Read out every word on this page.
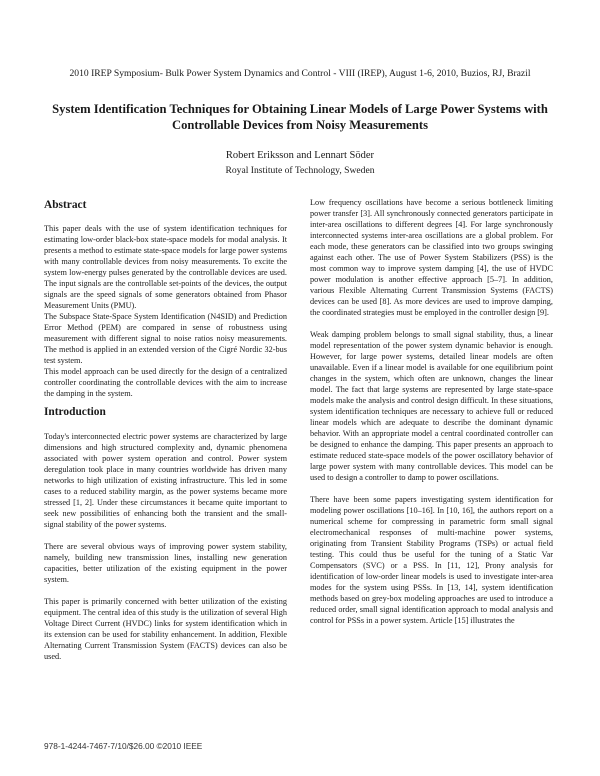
2010 IREP Symposium- Bulk Power System Dynamics and Control - VIII (IREP), August 1-6, 2010, Buzios, RJ, Brazil
System Identification Techniques for Obtaining Linear Models of Large Power Systems with Controllable Devices from Noisy Measurements
Robert Eriksson and Lennart Söder
Royal Institute of Technology, Sweden
Abstract

This paper deals with the use of system identification techniques for estimating low-order black-box state-space models for modal analysis. It presents a method to estimate state-space models for large power systems with many controllable devices from noisy measurements. To excite the system low-energy pulses generated by the controllable devices are used. The input signals are the controllable set-points of the devices, the output signals are the speed signals of some generators obtained from Phasor Measurement Units (PMU).

The Subspace State-Space System Identification (N4SID) and Prediction Error Method (PEM) are compared in sense of robustness using measurement with different signal to noise ratios noisy measurements. The method is applied in an extended version of the Cigré Nordic 32-bus test system.

This model approach can be used directly for the design of a centralized controller coordinating the controllable devices with the aim to increase the damping in the system.

Introduction

Today's interconnected electric power systems are characterized by large dimensions and high structured complexity and, dynamic phenomena associated with power system operation and control. Power system deregulation took place in many countries worldwide has driven many networks to high utilization of existing infrastructure. This led in some cases to a reduced stability margin, as the power systems became more stressed [1, 2]. Under these circumstances it became quite important to seek new possibilities of enhancing both the transient and the small-signal stability of the power systems.

There are several obvious ways of improving power system stability, namely, building new transmission lines, installing new generation capacities, better utilization of the existing equipment in the power system.

This paper is primarily concerned with better utilization of the existing equipment. The central idea of this study is the utilization of several High Voltage Direct Current (HVDC) links for system identification which in its extension can be used for stability enhancement. In addition, Flexible Alternating Current Transmission System (FACTS) devices can also be used.

Low frequency oscillations have become a serious bottleneck limiting power transfer [3]. All synchronously connected generators participate in inter-area oscillations to different degrees [4]. For large synchronously interconnected systems inter-area oscillations are a global problem. For each mode, these generators can be classified into two groups swinging against each other. The use of Power System Stabilizers (PSS) is the most common way to improve system damping [4], the use of HVDC power modulation is another effective approach [5–7]. In addition, various Flexible Alternating Current Transmission Systems (FACTS) devices can be used [8]. As more devices are used to improve damping, the coordinated strategies must be employed in the controller design [9].

Weak damping problem belongs to small signal stability, thus, a linear model representation of the power system dynamic behavior is enough. However, for large power systems, detailed linear models are often unavailable. Even if a linear model is available for one equilibrium point changes in the system, which often are unknown, changes the linear model. The fact that large systems are represented by large state-space models make the analysis and control design difficult. In these situations, system identification techniques are necessary to achieve full or reduced linear models which are adequate to describe the dominant dynamic behavior. With an appropriate model a central coordinated controller can be designed to enhance the damping. This paper presents an approach to estimate reduced state-space models of the power oscillatory behavior of large power system with many controllable devices. This model can be used to design a controller to damp to power oscillations.

There have been some papers investigating system identification for modeling power oscillations [10–16]. In [10, 16], the authors report on a numerical scheme for compressing in parametric form small signal electromechanical responses of multi-machine power systems, originating from Transient Stability Programs (TSPs) or actual field testing. This could thus be useful for the tuning of a Static Var Compensators (SVC) or a PSS. In [11, 12], Prony analysis for identification of low-order linear models is used to investigate inter-area modes for the system using PSSs. In [13, 14], system identification methods based on grey-box modeling approaches are used to introduce a reduced order, small signal identification approach to modal analysis and control for PSSs in a power system. Article [15] illustrates the

978-1-4244-7467-7/10/$26.00 ©2010 IEEE
